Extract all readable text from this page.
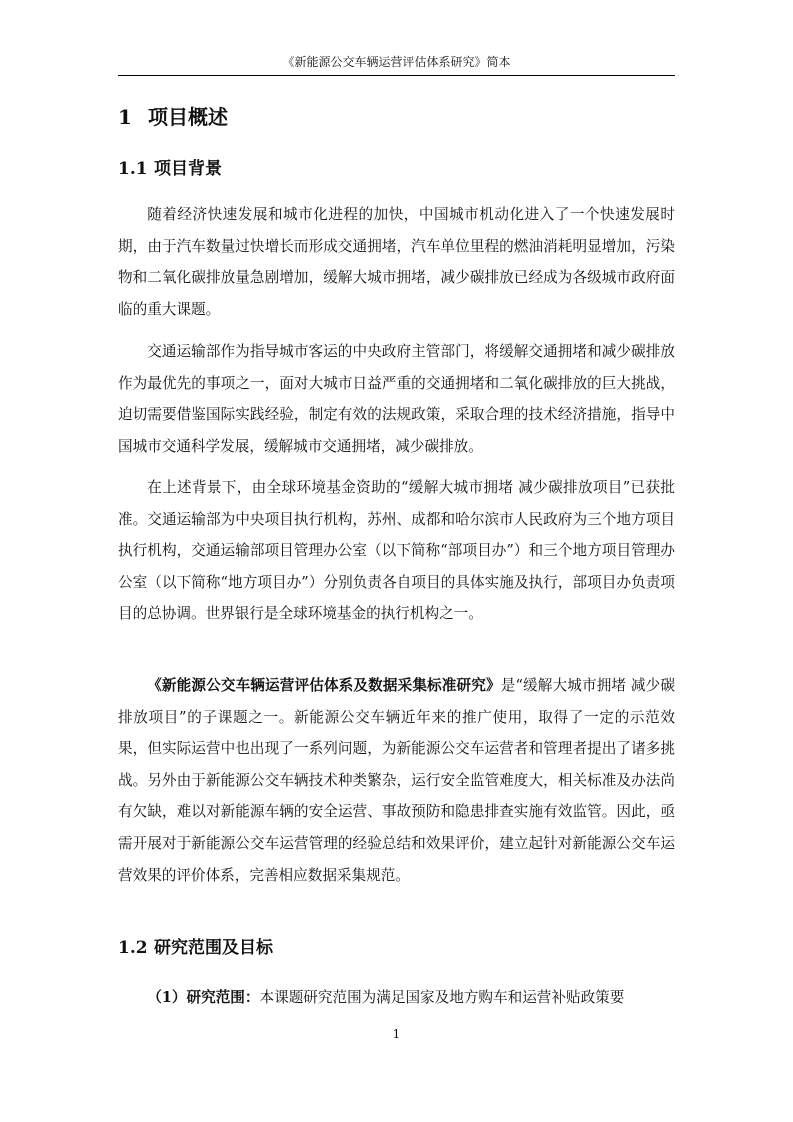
《新能源公交车辆运营评估体系研究》简本
1 项目概述
1.1 项目背景

随着经济快速发展和城市化进程的加快，中国城市机动化进入了一个快速发展时期，由于汽车数量过快增长而形成交通拥堵，汽车单位里程的燃油消耗明显增加，污染物和二氧化碳排放量急剧增加，缓解大城市拥堵，减少碳排放已经成为各级城市政府面临的重大课题。

交通运输部作为指导城市客运的中央政府主管部门，将缓解交通拥堵和减少碳排放作为最优先的事项之一，面对大城市日益严重的交通拥堵和二氧化碳排放的巨大挑战，迫切需要借鉴国际实践经验，制定有效的法规政策，采取合理的技术经济措施，指导中国城市交通科学发展，缓解城市交通拥堵，减少碳排放。

在上述背景下，由全球环境基金资助的“缓解大城市拥堵 减少碳排放项目”已获批准。交通运输部为中央项目执行机构，苏州、成都和哈尔滨市人民政府为三个地方项目执行机构，交通运输部项目管理办公室（以下简称“部项目办”）和三个地方项目管理办公室（以下简称“地方项目办”）分别负责各自项目的具体实施及执行，部项目办负责项目的总协调。世界银行是全球环境基金的执行机构之一。

《新能源公交车辆运营评估体系及数据采集标准研究》是“缓解大城市拥堵 减少碳排放项目”的子课题之一。新能源公交车辆近年来的推广使用，取得了一定的示范效果，但实际运营中也出现了一系列问题，为新能源公交车运营者和管理者提出了诸多挑战。另外由于新能源公交车辆技术种类繁杂，运行安全监管难度大，相关标准及办法尚有欠缺，难以对新能源车辆的安全运营、事故预防和隐患排查实施有效监管。因此，亟需开展对于新能源公交车运营管理的经验总结和效果评价，建立起针对新能源公交车运营效果的评价体系，完善相应数据采集规范。

1.2 研究范围及目标

（1）研究范围：本课题研究范围为满足国家及地方购车和运营补贴政策要

1
